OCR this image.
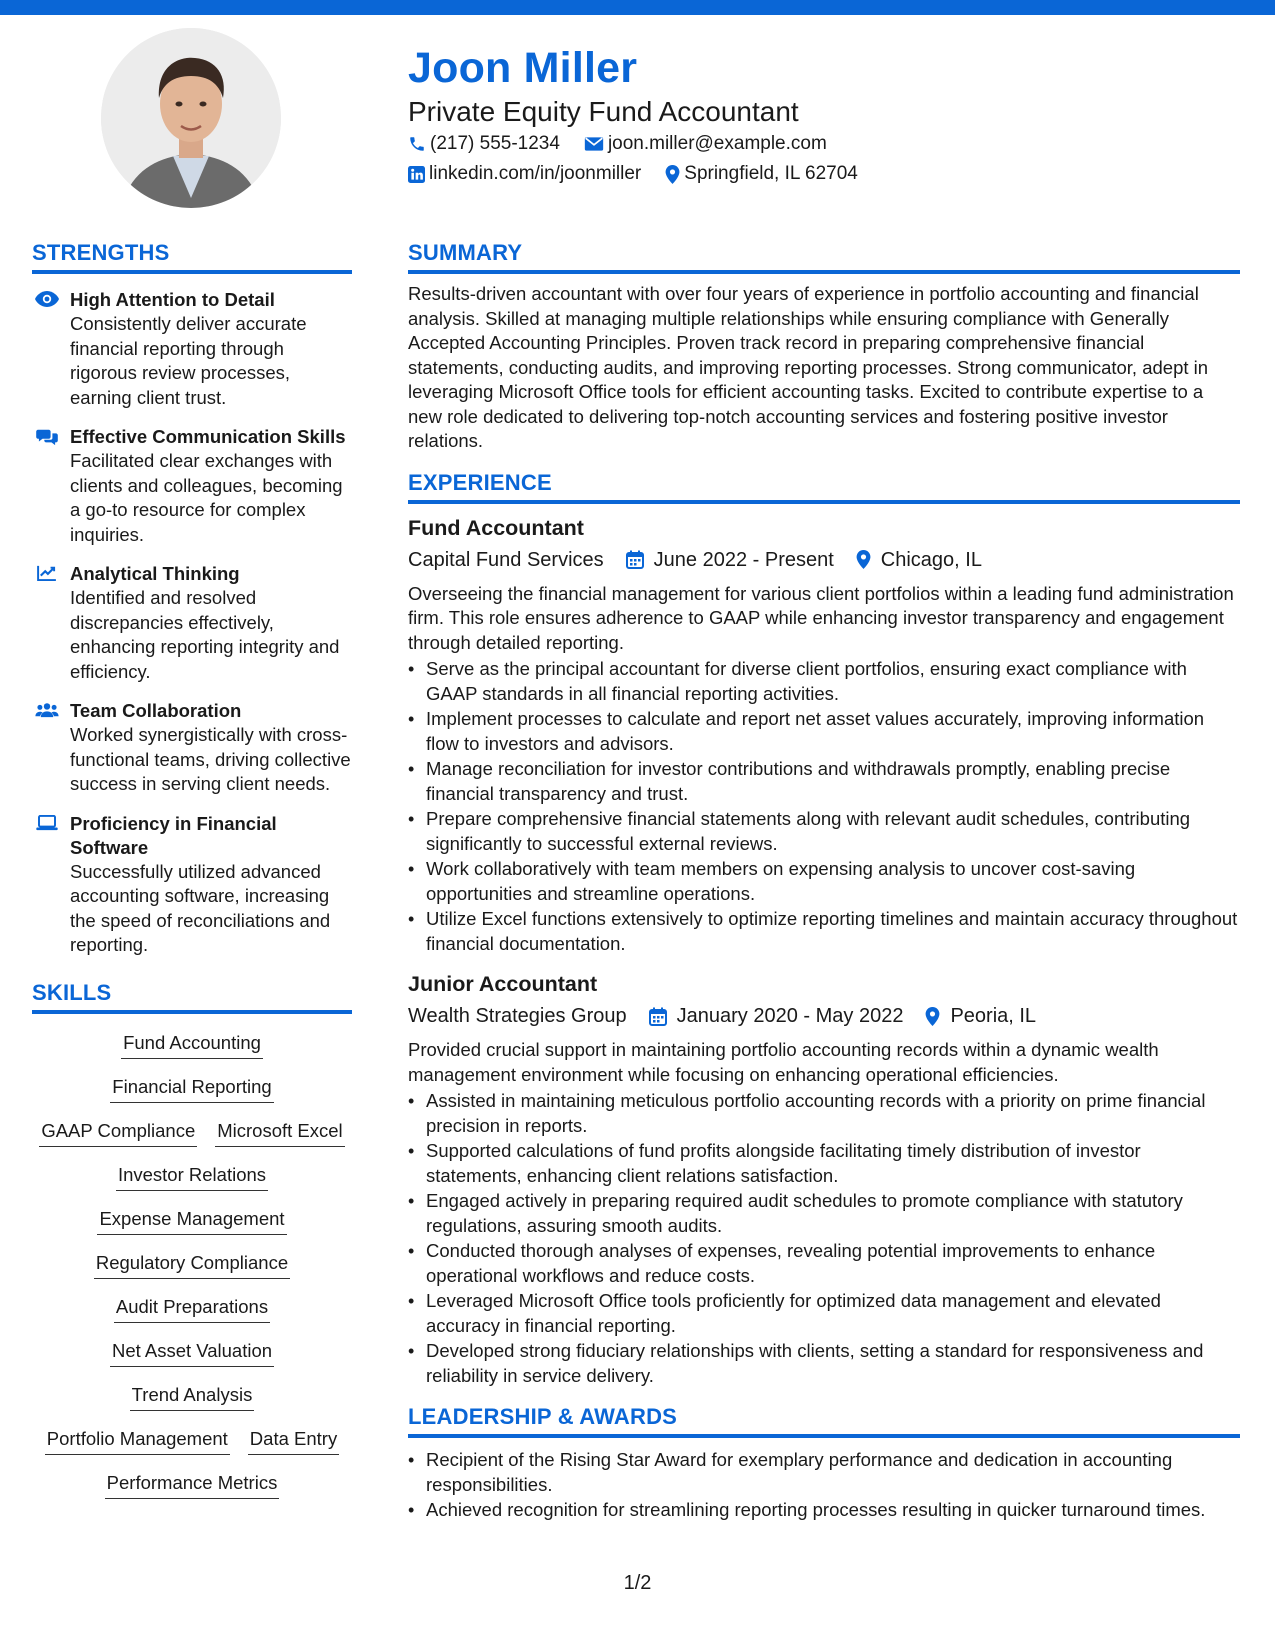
Joon Miller
Private Equity Fund Accountant
(217) 555-1234	joon.miller@example.com
linkedin.com/in/joonmiller Springfield, IL 62704
STRENGTHS
High Attention to Detail
Consistently deliver accurate financial reporting through rigorous review processes, earning client trust.
Effective Communication Skills
Facilitated clear exchanges with clients and colleagues, becoming a go-to resource for complex inquiries.
Analytical Thinking
Identified and resolved discrepancies effectively, enhancing reporting integrity and efficiency.
Team Collaboration
Worked synergistically with cross-functional teams, driving collective success in serving client needs.
Proficiency in Financial Software
Successfully utilized advanced accounting software, increasing the speed of reconciliations and reporting.
SKILLS
Fund Accounting
Financial Reporting
GAAP Compliance Microsoft Excel
Investor Relations
Expense Management
Regulatory Compliance
Audit Preparations
Net Asset Valuation
Trend Analysis
Portfolio Management Data Entry
Performance Metrics
SUMMARY
Results-driven accountant with over four years of experience in portfolio accounting and financial analysis. Skilled at managing multiple relationships while ensuring compliance with Generally Accepted Accounting Principles. Proven track record in preparing comprehensive financial statements, conducting audits, and improving reporting processes. Strong communicator, adept in leveraging Microsoft Office tools for efficient accounting tasks. Excited to contribute expertise to a new role dedicated to delivering top-notch accounting services and fostering positive investor relations.
EXPERIENCE
Fund Accountant
Capital Fund Services	June 2022 - Present Chicago, IL
Overseeing the financial management for various client portfolios within a leading fund administration firm. This role ensures adherence to GAAP while enhancing investor transparency and engagement through detailed reporting.
• Serve as the principal accountant for diverse client portfolios, ensuring exact compliance with GAAP standards in all financial reporting activities.
• Implement processes to calculate and report net asset values accurately, improving information flow to investors and advisors.
• Manage reconciliation for investor contributions and withdrawals promptly, enabling precise financial transparency and trust.
• Prepare comprehensive financial statements along with relevant audit schedules, contributing significantly to successful external reviews.
• Work collaboratively with team members on expensing analysis to uncover cost-saving opportunities and streamline operations.
• Utilize Excel functions extensively to optimize reporting timelines and maintain accuracy throughout financial documentation.
Junior Accountant
Wealth Strategies Group	January 2020 - May 2022 Peoria, IL
Provided crucial support in maintaining portfolio accounting records within a dynamic wealth management environment while focusing on enhancing operational efficiencies.
• Assisted in maintaining meticulous portfolio accounting records with a priority on prime financial precision in reports.
• Supported calculations of fund profits alongside facilitating timely distribution of investor statements, enhancing client relations satisfaction.
• Engaged actively in preparing required audit schedules to promote compliance with statutory regulations, assuring smooth audits.
• Conducted thorough analyses of expenses, revealing potential improvements to enhance operational workflows and reduce costs.
• Leveraged Microsoft Office tools proficiently for optimized data management and elevated accuracy in financial reporting.
• Developed strong fiduciary relationships with clients, setting a standard for responsiveness and reliability in service delivery.
LEADERSHIP & AWARDS
• Recipient of the Rising Star Award for exemplary performance and dedication in accounting responsibilities.
• Achieved recognition for streamlining reporting processes resulting in quicker turnaround times.
1/2
